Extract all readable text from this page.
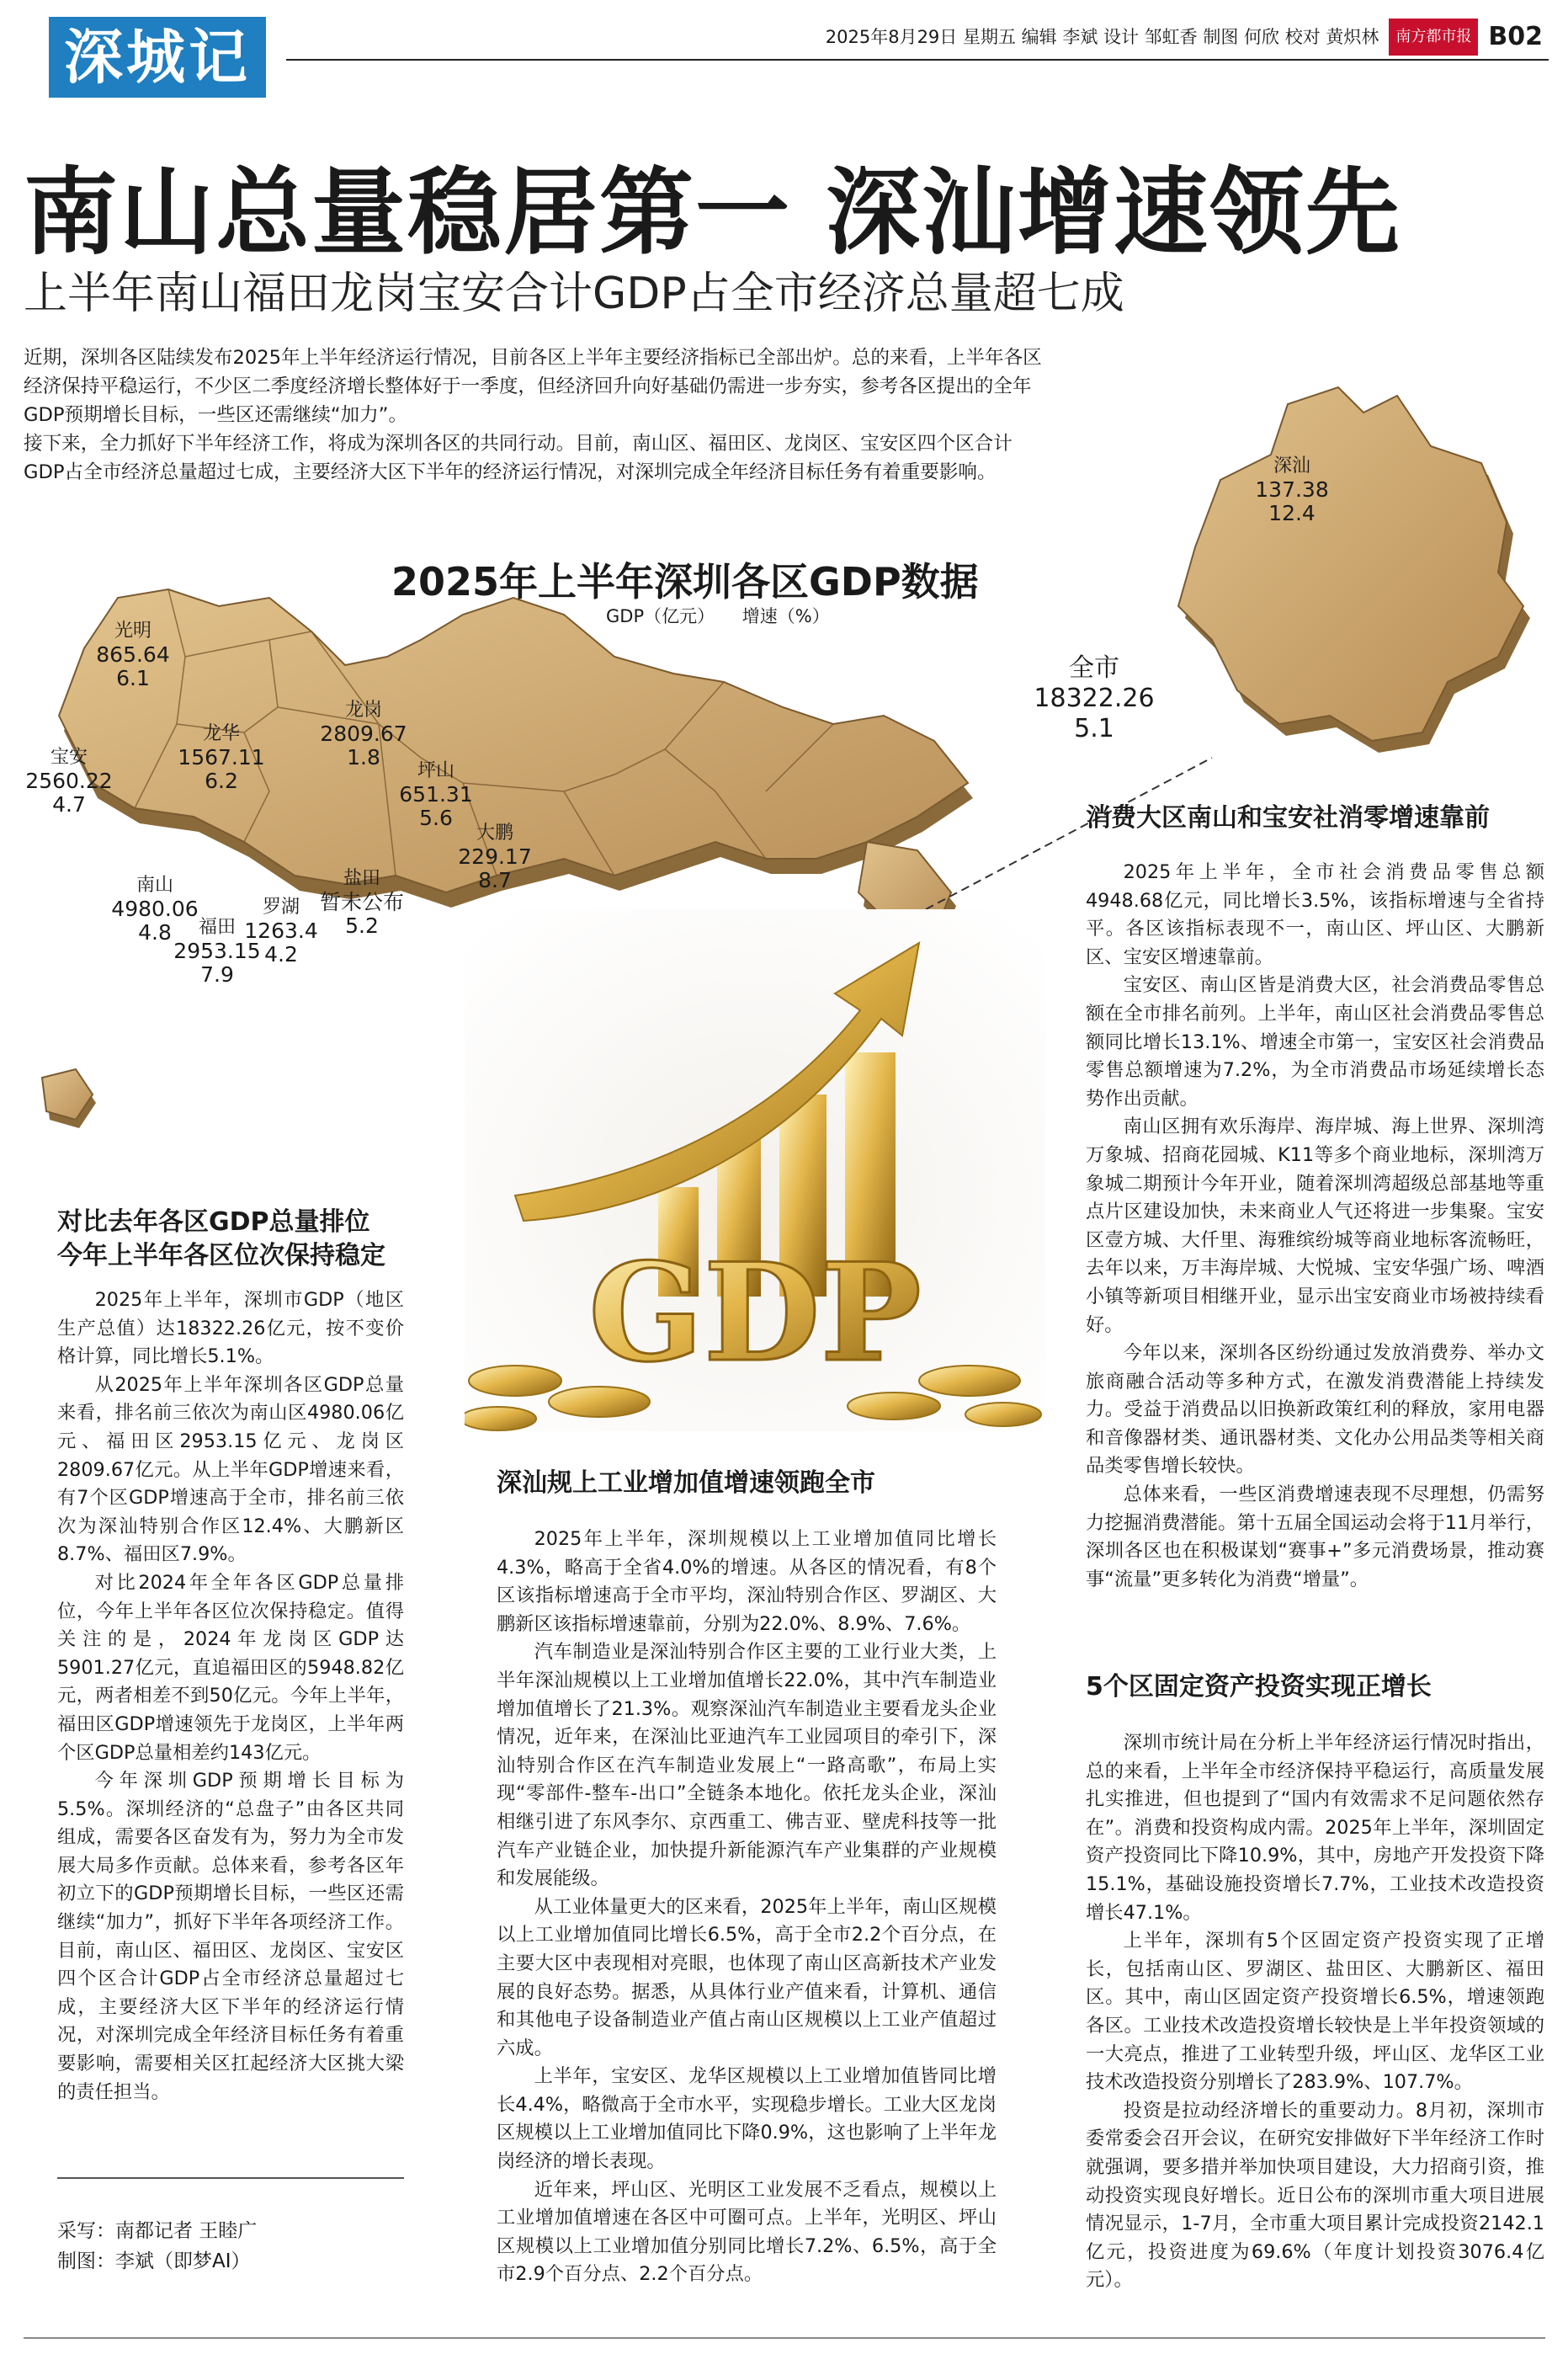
深城记	2025年8月29日 星期五 编辑 李斌 设计 邹虹香 制图 何欣 校对 黄炽林	南方都市报 B02
南山总量稳居第一 深汕增速领先
上半年南山福田龙岗宝安合计GDP占全市经济总量超七成

近期，深圳各区陆续发布2025年上半年经济运行情况，目前各区上半年主要经济指标已全部出炉。总的来看，上半年各区经济保持平稳运行，不少区二季度经济增长整体好于一季度，但经济回升向好基础仍需进一步夯实，参考各区提出的全年GDP预期增长目标，一些区还需继续“加力”。

接下来，全力抓好下半年经济工作，将成为深圳各区的共同行动。目前，南山区、福田区、龙岗区、宝安区四个区合计GDP占全市经济总量超过七成，主要经济大区下半年的经济运行情况，对深圳完成全年经济目标任务有着重要影响。	深汕
137.38
12.4
光明
865.64
6.1
宝安
2560.22
4.7
龙华
1567.11
6.2
龙岗
2809.67
1.8
坪山
651.31
5.6
南山
4980.06
4.8	福田
2953.15
7.9
罗湖
1263.4
4.2
盐田
暂未公布
5.2
大鹏
229.17
8.7
2025年上半年深圳各区GDP数据
GDP（亿元） 增速（%）
全市
18322.26
5.1
GDP
对比去年各区GDP总量排位
今年上半年各区位次保持稳定

2025年上半年，深圳市GDP（地区生产总值）达18322.26亿元，按不变价格计算，同比增长5.1%。

从2025年上半年深圳各区GDP总量来看，排名前三依次为南山区4980.06亿元、福田区2953.15亿元、龙岗区2809.67亿元。从上半年GDP增速来看，有7个区GDP增速高于全市，排名前三依次为深汕特别合作区12.4%、大鹏新区8.7%、福田区7.9%。

对比2024年全年各区GDP总量排位，今年上半年各区位次保持稳定。值得关注的是，2024年龙岗区GDP达5901.27亿元，直追福田区的5948.82亿元，两者相差不到50亿元。今年上半年，福田区GDP增速领先于龙岗区，上半年两个区GDP总量相差约143亿元。

今年深圳GDP预期增长目标为5.5%。深圳经济的“总盘子”由各区共同组成，需要各区奋发有为，努力为全市发展大局多作贡献。总体来看，参考各区年初立下的GDP预期增长目标，一些区还需继续“加力”，抓好下半年各项经济工作。目前，南山区、福田区、龙岗区、宝安区四个区合计GDP占全市经济总量超过七成，主要经济大区下半年的经济运行情况，对深圳完成全年经济目标任务有着重要影响，需要相关区扛起经济大区挑大梁的责任担当。

采写：南都记者 王睦广
制图：李斌（即梦AI）
深汕规上工业增加值增速领跑全市

2025年上半年，深圳规模以上工业增加值同比增长4.3%，略高于全省4.0%的增速。从各区的情况看，有8个区该指标增速高于全市平均，深汕特别合作区、罗湖区、大鹏新区该指标增速靠前，分别为22.0%、8.9%、7.6%。

汽车制造业是深汕特别合作区主要的工业行业大类，上半年深汕规模以上工业增加值增长22.0%，其中汽车制造业增加值增长了21.3%。观察深汕汽车制造业主要看龙头企业情况，近年来，在深汕比亚迪汽车工业园项目的牵引下，深汕特别合作区在汽车制造业发展上“一路高歌”，布局上实现“零部件-整车-出口”全链条本地化。依托龙头企业，深汕相继引进了东风李尔、京西重工、佛吉亚、壁虎科技等一批汽车产业链企业，加快提升新能源汽车产业集群的产业规模和发展能级。

从工业体量更大的区来看，2025年上半年，南山区规模以上工业增加值同比增长6.5%，高于全市2.2个百分点，在主要大区中表现相对亮眼，也体现了南山区高新技术产业发展的良好态势。据悉，从具体行业产值来看，计算机、通信和其他电子设备制造业产值占南山区规模以上工业产值超过六成。

上半年，宝安区、龙华区规模以上工业增加值皆同比增长4.4%，略微高于全市水平，实现稳步增长。工业大区龙岗区规模以上工业增加值同比下降0.9%，这也影响了上半年龙岗经济的增长表现。

近年来，坪山区、光明区工业发展不乏看点，规模以上工业增加值增速在各区中可圈可点。上半年，光明区、坪山区规模以上工业增加值分别同比增长7.2%、6.5%，高于全市2.9个百分点、2.2个百分点。

消费大区南山和宝安社消零增速靠前

2025年上半年，全市社会消费品零售总额4948.68亿元，同比增长3.5%，该指标增速与全省持平。各区该指标表现不一，南山区、坪山区、大鹏新区、宝安区增速靠前。

宝安区、南山区皆是消费大区，社会消费品零售总额在全市排名前列。上半年，南山区社会消费品零售总额同比增长13.1%、增速全市第一，宝安区社会消费品零售总额增速为7.2%，为全市消费品市场延续增长态势作出贡献。

南山区拥有欢乐海岸、海岸城、海上世界、深圳湾万象城、招商花园城、K11等多个商业地标，深圳湾万象城二期预计今年开业，随着深圳湾超级总部基地等重点片区建设加快，未来商业人气还将进一步集聚。宝安区壹方城、大仟里、海雅缤纷城等商业地标客流畅旺，去年以来，万丰海岸城、大悦城、宝安华强广场、啤酒小镇等新项目相继开业，显示出宝安商业市场被持续看好。

今年以来，深圳各区纷纷通过发放消费券、举办文旅商融合活动等多种方式，在激发消费潜能上持续发力。受益于消费品以旧换新政策红利的释放，家用电器和音像器材类、通讯器材类、文化办公用品类等相关商品类零售增长较快。

总体来看，一些区消费增速表现不尽理想，仍需努力挖掘消费潜能。第十五届全国运动会将于11月举行，深圳各区也在积极谋划“赛事+”多元消费场景，推动赛事“流量”更多转化为消费“增量”。

5个区固定资产投资实现正增长

深圳市统计局在分析上半年经济运行情况时指出，总的来看，上半年全市经济保持平稳运行，高质量发展扎实推进，但也提到了“国内有效需求不足问题依然存在”。消费和投资构成内需。2025年上半年，深圳固定资产投资同比下降10.9%，其中，房地产开发投资下降15.1%，基础设施投资增长7.7%，工业技术改造投资增长47.1%。

上半年，深圳有5个区固定资产投资实现了正增长，包括南山区、罗湖区、盐田区、大鹏新区、福田区。其中，南山区固定资产投资增长6.5%，增速领跑各区。工业技术改造投资增长较快是上半年投资领域的一大亮点，推进了工业转型升级，坪山区、龙华区工业技术改造投资分别增长了283.9%、107.7%。

投资是拉动经济增长的重要动力。8月初，深圳市委常委会召开会议，在研究安排做好下半年经济工作时就强调，要多措并举加快项目建设，大力招商引资，推动投资实现良好增长。近日公布的深圳市重大项目进展情况显示，1-7月，全市重大项目累计完成投资2142.1亿元，投资进度为69.6%（年度计划投资3076.4亿元）。
